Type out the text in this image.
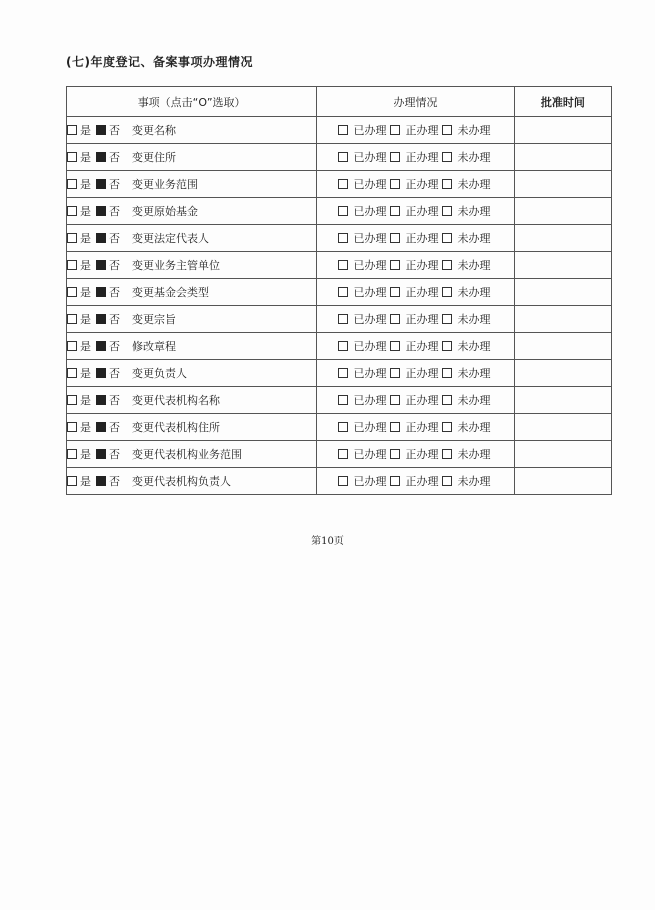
(七)年度登记、备案事项办理情况
事项（点击“O”选取）	办理情况	批准时间
是 否 变更名称	已办理 正办理 未办理	
是 否 变更住所	已办理 正办理 未办理	
是 否 变更业务范围	已办理 正办理 未办理	
是 否 变更原始基金	已办理 正办理 未办理	
是 否 变更法定代表人	已办理 正办理 未办理	
是 否 变更业务主管单位	已办理 正办理 未办理	
是 否 变更基金会类型	已办理 正办理 未办理	
是 否 变更宗旨	已办理 正办理 未办理	
是 否 修改章程	已办理 正办理 未办理	
是 否 变更负责人	已办理 正办理 未办理	
是 否 变更代表机构名称	已办理 正办理 未办理	
是 否 变更代表机构住所	已办理 正办理 未办理	
是 否 变更代表机构业务范围	已办理 正办理 未办理	
是 否 变更代表机构负责人	已办理 正办理 未办理	
第10页
